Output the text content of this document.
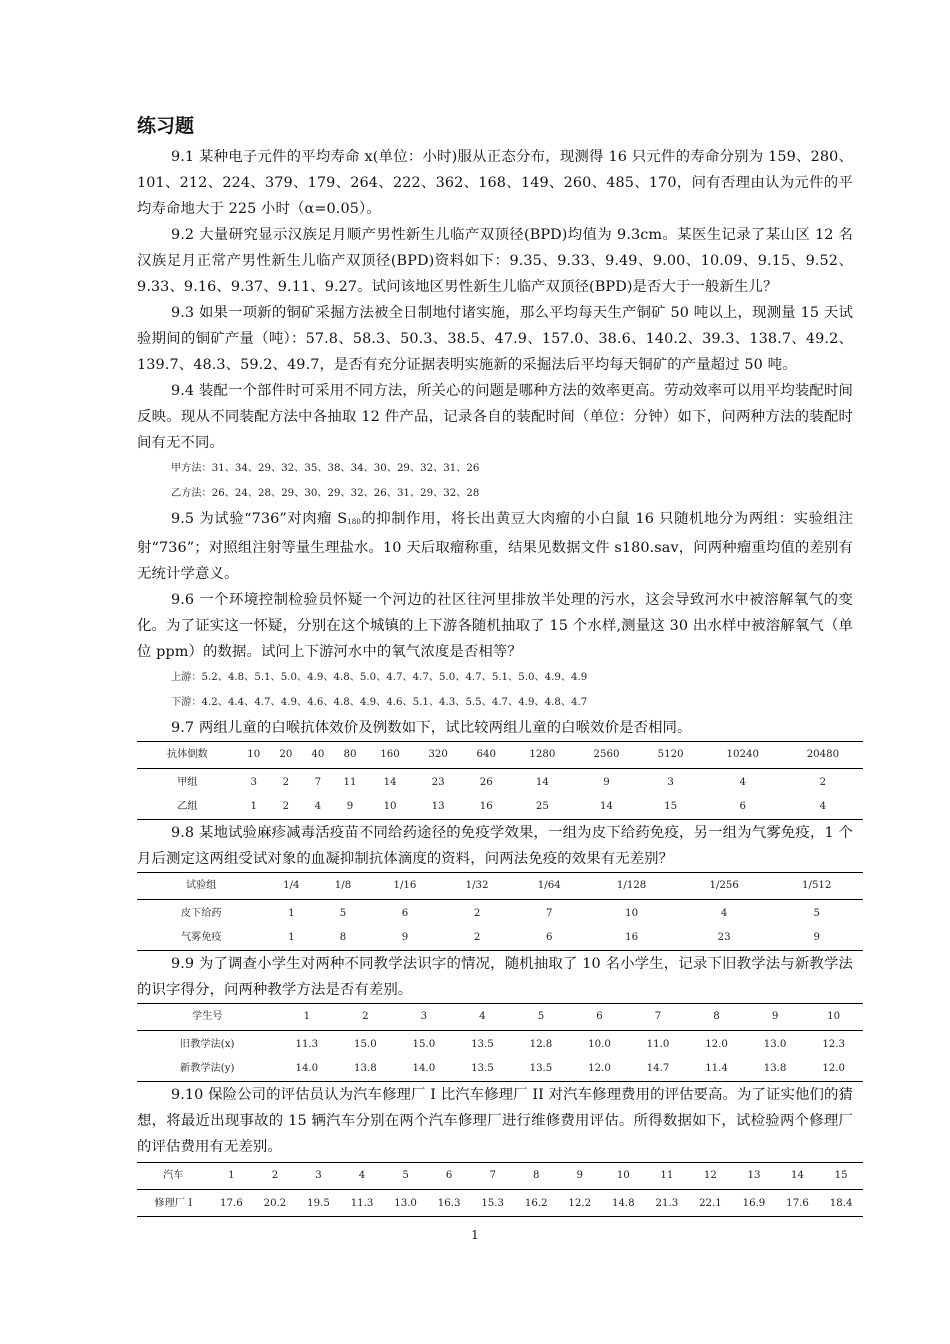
练习题

9.1 某种电子元件的平均寿命 x(单位：小时)服从正态分布，现测得 16 只元件的寿命分别为 159、280、101、212、224、379、179、264、222、362、168、149、260、485、170，问有否理由认为元件的平均寿命地大于 225 小时（α=0.05）。

9.2 大量研究显示汉族足月顺产男性新生儿临产双顶径(BPD)均值为 9.3cm。某医生记录了某山区 12 名汉族足月正常产男性新生儿临产双顶径(BPD)资料如下：9.35、9.33、9.49、9.00、10.09、9.15、9.52、9.33、9.16、9.37、9.11、9.27。试问该地区男性新生儿临产双顶径(BPD)是否大于一般新生儿？

9.3 如果一项新的铜矿采掘方法被全日制地付诸实施，那么平均每天生产铜矿 50 吨以上，现测量 15 天试验期间的铜矿产量（吨）：57.8、58.3、50.3、38.5、47.9、157.0、38.6、140.2、39.3、138.7、49.2、139.7、48.3、59.2、49.7，是否有充分证据表明实施新的采掘法后平均每天铜矿的产量超过 50 吨。

9.4 装配一个部件时可采用不同方法，所关心的问题是哪种方法的效率更高。劳动效率可以用平均装配时间反映。现从不同装配方法中各抽取 12 件产品，记录各自的装配时间（单位：分钟）如下，问两种方法的装配时间有无不同。

甲方法：31、34、29、32、35、38、34、30、29、32、31、26

乙方法：26、24、28、29、30、29、32、26、31、29、32、28

9.5 为试验“736”对肉瘤 S180的抑制作用，将长出黄豆大肉瘤的小白鼠 16 只随机地分为两组：实验组注射“736”；对照组注射等量生理盐水。10 天后取瘤称重，结果见数据文件 s180.sav，问两种瘤重均值的差别有无统计学意义。

9.6 一个环境控制检验员怀疑一个河边的社区往河里排放半处理的污水，这会导致河水中被溶解氧气的变化。为了证实这一怀疑，分别在这个城镇的上下游各随机抽取了 15 个水样,测量这 30 出水样中被溶解氧气（单位 ppm）的数据。试问上下游河水中的氧气浓度是否相等？

上游：5.2、4.8、5.1、5.0、4.9、4.8、5.0、4.7、4.7、5.0、4.7、5.1、5.0、4.9、4.9

下游：4.2、4.4、4.7、4.9、4.6、4.8、4.9、4.6、5.1、4.3、5.5、4.7、4.9、4.8、4.7

9.7 两组儿童的白喉抗体效价及例数如下，试比较两组儿童的白喉效价是否相同。

抗体倒数	10	20	40	80	160	320	640	1280	2560	5120	10240	20480
甲组	3	2	7	11	14	23	26	14	9	3	4	2
乙组	1	2	4	9	10	13	16	25	14	15	6	4

9.8 某地试验麻疹减毒活疫苗不同给药途径的免疫学效果，一组为皮下给药免疫，另一组为气雾免疫，1 个月后测定这两组受试对象的血凝抑制抗体滴度的资料，问两法免疫的效果有无差别？

试验组	1/4	1/8	1/16	1/32	1/64	1/128	1/256	1/512
皮下给药	1	5	6	2	7	10	4	5
气雾免疫	1	8	9	2	6	16	23	9

9.9 为了调查小学生对两种不同教学法识字的情况，随机抽取了 10 名小学生，记录下旧教学法与新教学法的识字得分，问两种教学方法是否有差别。

学生号	1	2	3	4	5	6	7	8	9	10
旧教学法(x)	11.3	15.0	15.0	13.5	12.8	10.0	11.0	12.0	13.0	12.3
新教学法(y)	14.0	13.8	14.0	13.5	13.5	12.0	14.7	11.4	13.8	12.0

9.10 保险公司的评估员认为汽车修理厂 I 比汽车修理厂 II 对汽车修理费用的评估要高。为了证实他们的猜想，将最近出现事故的 15 辆汽车分别在两个汽车修理厂进行维修费用评估。所得数据如下，试检验两个修理厂的评估费用有无差别。

汽车	1	2	3	4	5	6	7	8	9	10	11	12	13	14	15
修理厂 I	17.6	20.2	19.5	11.3	13.0	16.3	15.3	16.2	12.2	14.8	21.3	22.1	16.9	17.6	18.4
1
